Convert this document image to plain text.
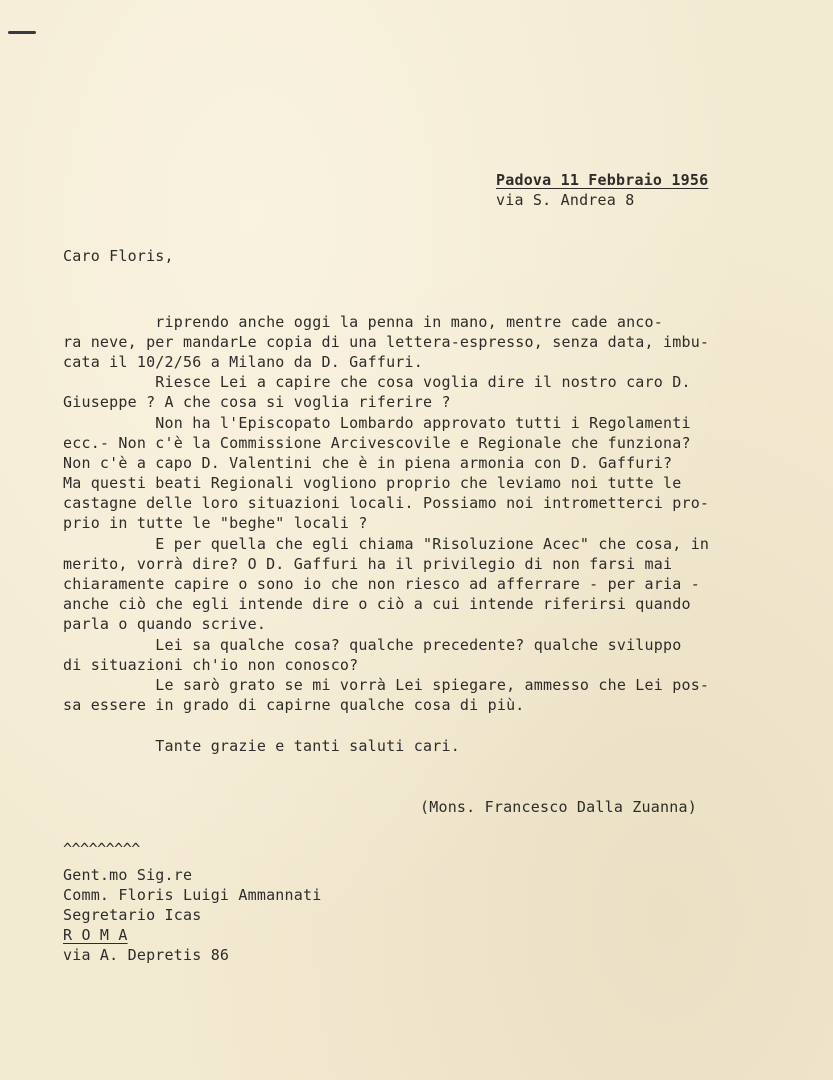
Padova 11 Febbraio 1956
via S. Andrea 8
Caro Floris,
riprendo anche oggi la penna in mano, mentre cade anco-
ra neve, per mandarLe copia di una lettera-espresso, senza data, imbu-
cata il 10/2/56 a Milano da D. Gaffuri.
Riesce Lei a capire che cosa voglia dire il nostro caro D.
Giuseppe ? A che cosa si voglia riferire ?
Non ha l'Episcopato Lombardo approvato tutti i Regolamenti
ecc.- Non c'è la Commissione Arcivescovile e Regionale che funziona?
Non c'è a capo D. Valentini che è in piena armonia con D. Gaffuri?
Ma questi beati Regionali vogliono proprio che leviamo noi tutte le
castagne delle loro situazioni locali. Possiamo noi intrometterci pro-
prio in tutte le "beghe" locali ?
E per quella che egli chiama "Risoluzione Acec" che cosa, in
merito, vorrà dire? O D. Gaffuri ha il privilegio di non farsi mai
chiaramente capire o sono io che non riesco ad afferrare - per aria -
anche ciò che egli intende dire o ciò a cui intende riferirsi quando
parla o quando scrive.
Lei sa qualche cosa? qualche precedente? qualche sviluppo
di situazioni ch'io non conosco?
Le sarò grato se mi vorrà Lei spiegare, ammesso che Lei pos-
sa essere in grado di capirne qualche cosa di più.
Tante grazie e tanti saluti cari.
(Mons. Francesco Dalla Zuanna)
^^^^^^^^^
Gent.mo Sig.re
Comm. Floris Luigi Ammannati
Segretario Icas
R O M A
via A. Depretis 86
